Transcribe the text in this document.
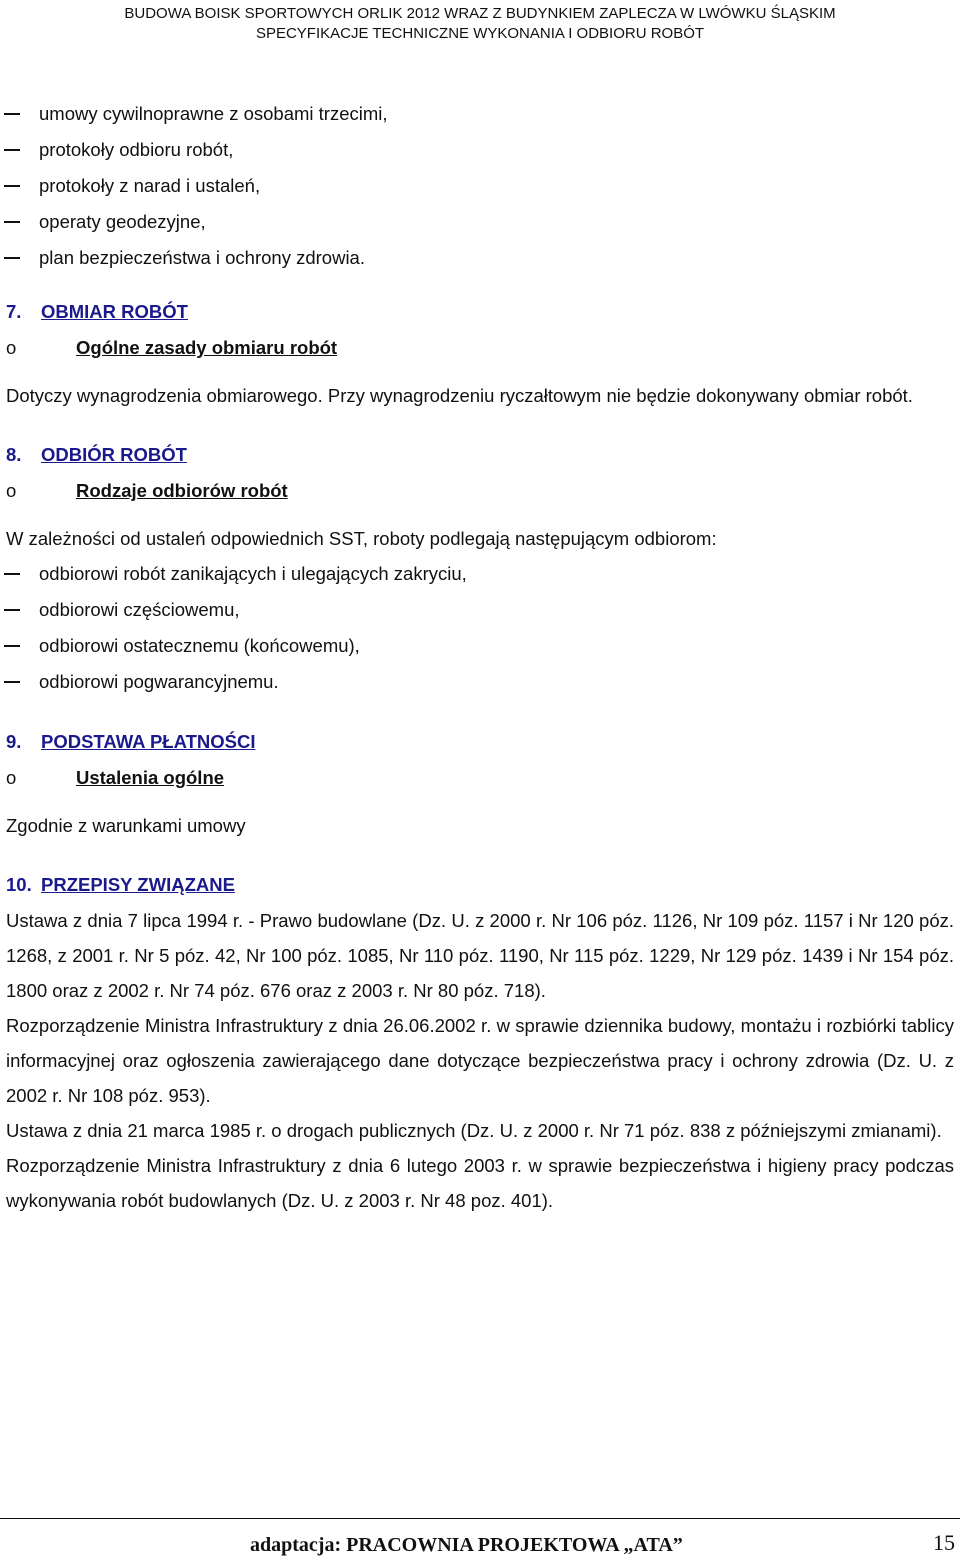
BUDOWA BOISK SPORTOWYCH ORLIK 2012 WRAZ Z BUDYNKIEM ZAPLECZA W LWÓWKU ŚLĄSKIM
SPECYFIKACJE TECHNICZNE WYKONANIA I ODBIORU ROBÓT
umowy cywilnoprawne z osobami trzecimi,
protokoły odbioru robót,
protokoły z narad i ustaleń,
operaty geodezyjne,
plan bezpieczeństwa i ochrony zdrowia.
7. OBMIAR ROBÓT
o	Ogólne zasady obmiaru robót
Dotyczy wynagrodzenia obmiarowego. Przy wynagrodzeniu ryczałtowym nie będzie dokonywany obmiar robót.
8. ODBIÓR ROBÓT
o	Rodzaje odbiorów robót
W zależności od ustaleń odpowiednich SST, roboty podlegają następującym odbiorom:
odbiorowi robót zanikających i ulegających zakryciu,
odbiorowi częściowemu,
odbiorowi ostatecznemu (końcowemu),
odbiorowi pogwarancyjnemu.
9. PODSTAWA PŁATNOŚCI
o	Ustalenia ogólne
Zgodnie z warunkami umowy
10. PRZEPISY ZWIĄZANE
Ustawa z dnia 7 lipca 1994 r. - Prawo budowlane (Dz. U. z 2000 r. Nr 106 póz. 1126, Nr 109 póz. 1157 i Nr 120 póz. 1268, z 2001 r. Nr 5 póz. 42, Nr 100 póz. 1085, Nr 110 póz. 1190, Nr 115 póz. 1229, Nr 129 póz. 1439 i Nr 154 póz. 1800 oraz z 2002 r. Nr 74 póz. 676 oraz z 2003 r. Nr 80 póz. 718).
Rozporządzenie Ministra Infrastruktury z dnia 26.06.2002 r. w sprawie dziennika budowy, montażu i rozbiórki tablicy informacyjnej oraz ogłoszenia zawierającego dane dotyczące bezpieczeństwa pracy i ochrony zdrowia (Dz. U. z 2002 r. Nr 108 póz. 953).
Ustawa z dnia 21 marca 1985 r. o drogach publicznych (Dz. U. z 2000 r. Nr 71 póz. 838 z późniejszymi zmianami).
Rozporządzenie Ministra Infrastruktury z dnia 6 lutego 2003 r. w sprawie bezpieczeństwa i higieny pracy podczas wykonywania robót budowlanych (Dz. U. z 2003 r. Nr 48 poz. 401).
adaptacja: PRACOWNIA PROJEKTOWA „ATA”	15
